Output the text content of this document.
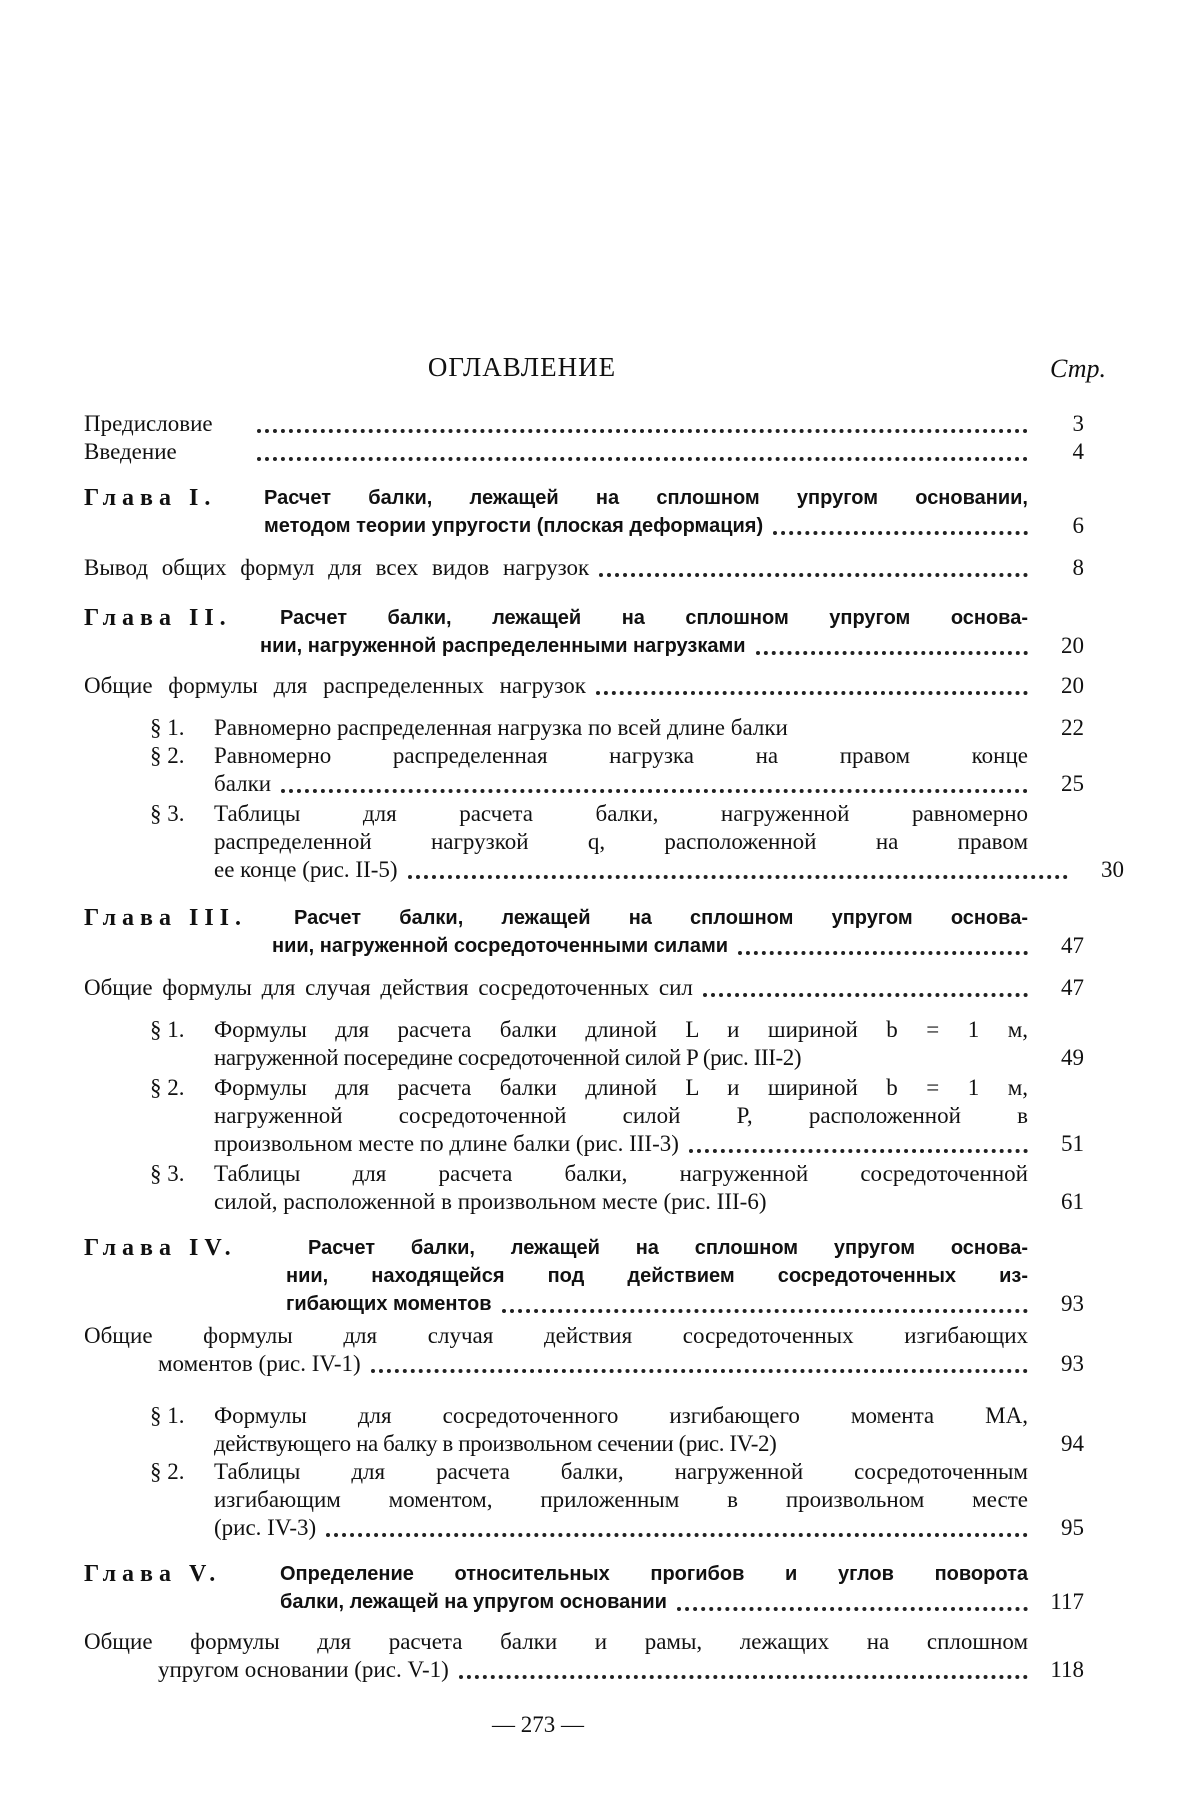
ОГЛАВЛЕНИЕ	Стр.
Предисловие	3
Введение	4
Глава I. Расчет балки, лежащей на сплошном упругом основании,
методом теории упругости (плоская деформация)	6
Вывод общих формул для всех видов нагрузок	8
Глава II. Расчет балки, лежащей на сплошном упругом основа-
нии, нагруженной распределенными нагрузками	20
Общие формулы для распределенных нагрузок	20
§ 1. Равномерно распределенная нагрузка по всей длине балки	22
§ 2. Равномерно распределенная нагрузка на правом конце
балки	25
§ 3. Таблицы для расчета балки, нагруженной равномерно
распределенной нагрузкой q, расположенной на правом
ее конце (рис. II-5)	30
Глава III. Расчет балки, лежащей на сплошном упругом основа-
нии, нагруженной сосредоточенными силами	47
Общие формулы для случая действия сосредоточенных сил	47
§ 1. Формулы для расчета балки длиной L и шириной b = 1 м,
нагруженной посередине сосредоточенной силой P (рис. III-2)	49
§ 2. Формулы для расчета балки длиной L и шириной b = 1 м,
нагруженной сосредоточенной силой P, расположенной в
произвольном месте по длине балки (рис. III-3)	51
§ 3. Таблицы для расчета балки, нагруженной сосредоточенной
силой, расположенной в произвольном месте (рис. III-6)	61
Глава IV.	Расчет балки, лежащей на сплошном упругом основа-
нии, находящейся под действием сосредоточенных из-
гибающих моментов	93
Общие формулы для случая действия сосредоточенных изгибающих
моментов (рис. IV-1)	93
§ 1. Формулы для сосредоточенного изгибающего момента MA,
действующего на балку в произвольном сечении (рис. IV-2)	94
§ 2. Таблицы для расчета балки, нагруженной сосредоточенным
изгибающим моментом, приложенным в произвольном месте
(рис. IV-3)	95
Глава V.	Определение относительных прогибов и углов поворота
балки, лежащей на упругом основании	117
Общие формулы для расчета балки и рамы, лежащих на сплошном
упругом основании (рис. V-1)	118
— 273 —
